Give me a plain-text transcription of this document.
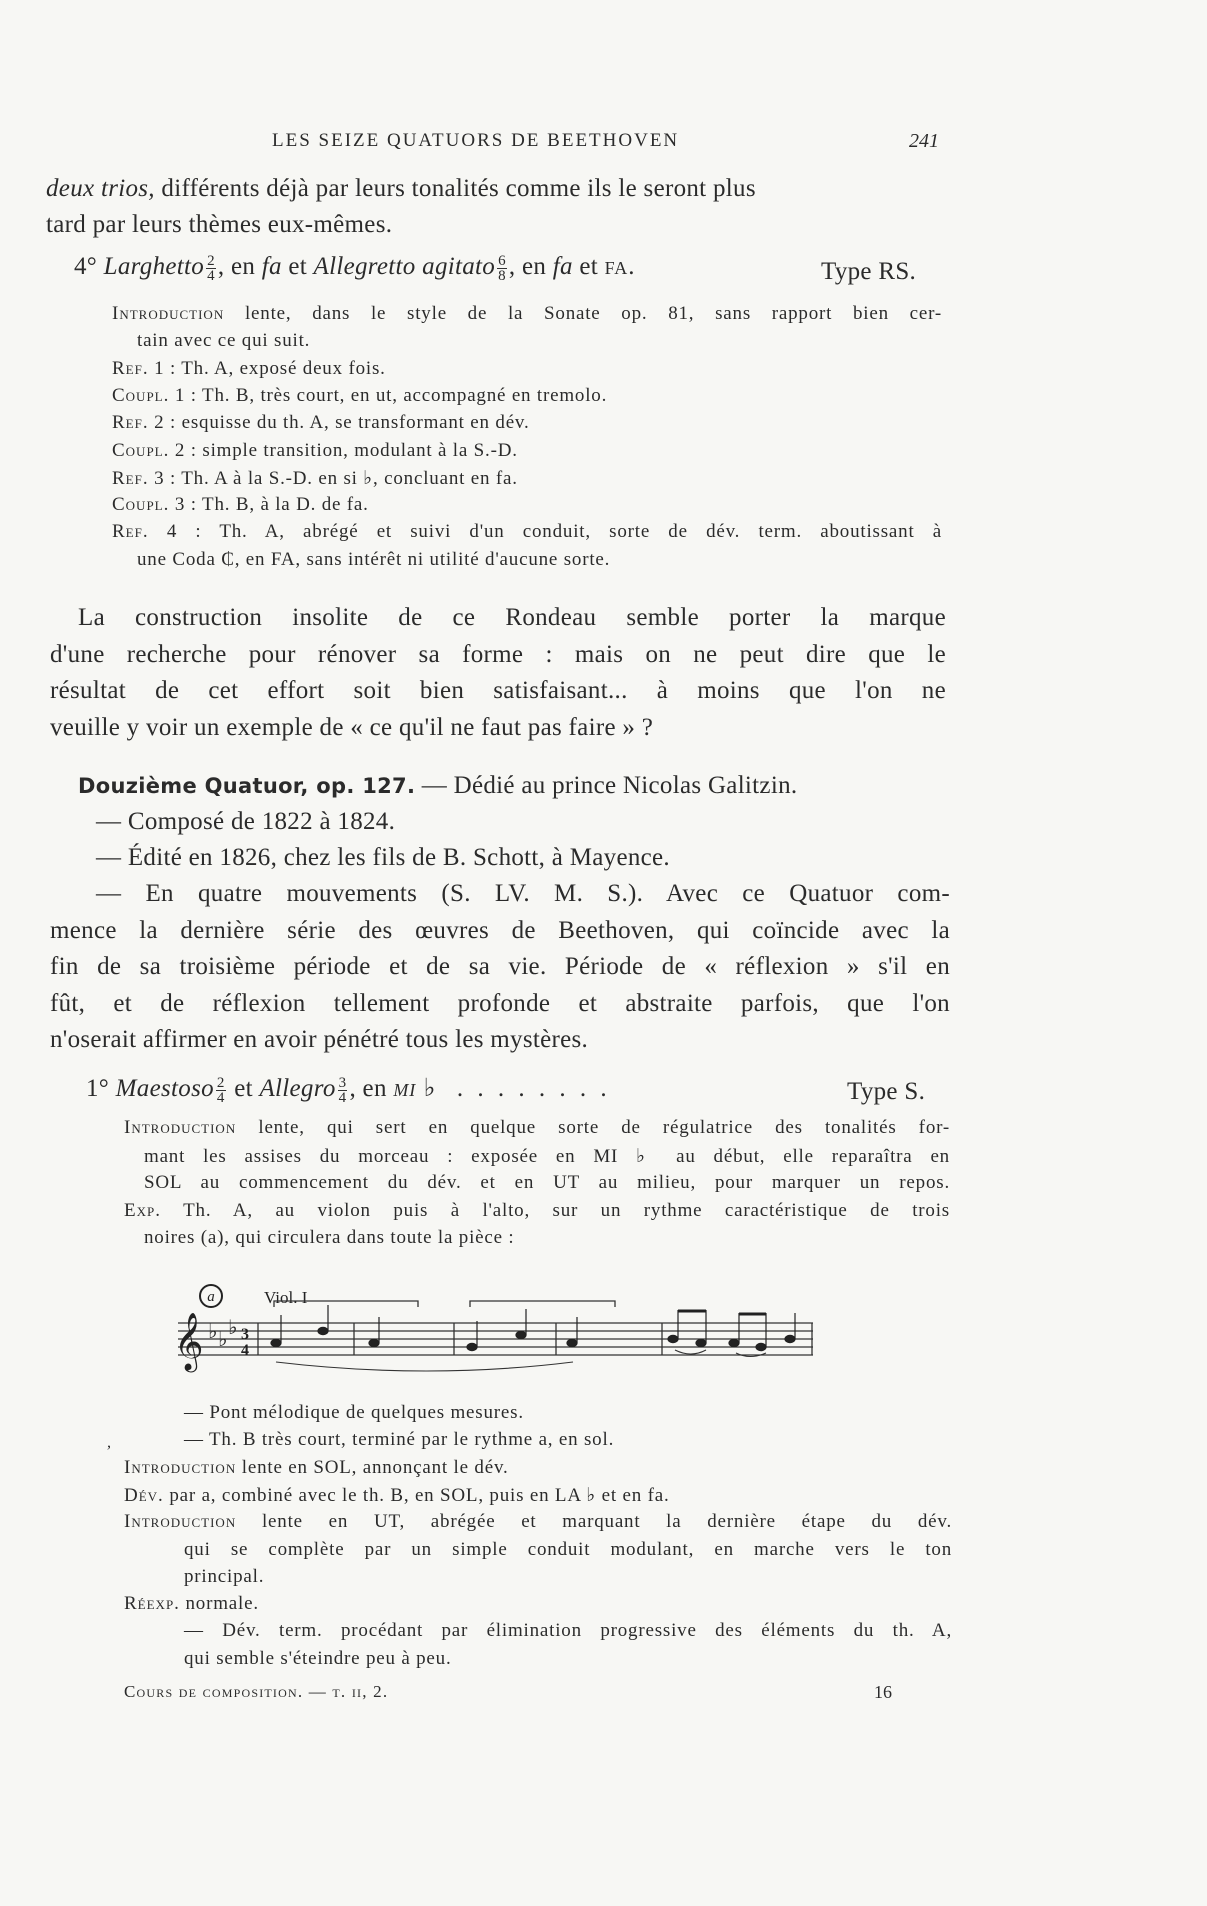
LES SEIZE QUATUORS DE BEETHOVEN	241
deux trios, différents déjà par leurs tonalités comme ils le seront plus
tard par leurs thèmes eux-mêmes.
4° Larghetto $\frac{2}{4}$ , en fa et Allegretto agitato $\frac{6}{8}$ , en fa et fa.	Type RS.
Introduction lente, dans le style de la Sonate op. 81, sans rapport bien cer-
tain avec ce qui suit.
Ref. 1 : Th. A, exposé deux fois.
Coupl. 1 : Th. B, très court, en ut, accompagné en tremolo.
Ref. 2 : esquisse du th. A, se transformant en dév.
Coupl. 2 : simple transition, modulant à la S.-D.
Ref. 3 : Th. A à la S.-D. en si ♭, concluant en fa.
Coupl. 3 : Th. B, à la D. de fa.
Ref. 4 : Th. A, abrégé et suivi d'un conduit, sorte de dév. term. aboutissant à
une Coda ₵, en FA, sans intérêt ni utilité d'aucune sorte.
La construction insolite de ce Rondeau semble porter la marque
d'une recherche pour rénover sa forme : mais on ne peut dire que le
résultat de cet effort soit bien satisfaisant... à moins que l'on ne
veuille y voir un exemple de « ce qu'il ne faut pas faire » ?
Douzième Quatuor, op. 127. — Dédié au prince Nicolas Galitzin.
— Composé de 1822 à 1824.
— Édité en 1826, chez les fils de B. Schott, à Mayence.
— En quatre mouvements (S. LV. M. S.). Avec ce Quatuor com-
mence la dernière série des œuvres de Beethoven, qui coïncide avec la
fin de sa troisième période et de sa vie. Période de « réflexion » s'il en
fût, et de réflexion tellement profonde et abstraite parfois, que l'on
n'oserait affirmer en avoir pénétré tous les mystères.
1° Maestoso $\frac{2}{4}$ et Allegro $\frac{3}{4}$ , en mi ♭ . . . . . . . .	Type S.
Introduction lente, qui sert en quelque sorte de régulatrice des tonalités for-
mant les assises du morceau : exposée en MI ♭ au début, elle reparaîtra en
SOL au commencement du dév. et en UT au milieu, pour marquer un repos.
Exp. Th. A, au violon puis à l'alto, sur un rythme caractéristique de trois
noires (a), qui circulera dans toute la pièce :
a	Viol. I
𝄞 ♭ ♭
♭ 3
4
— Pont mélodique de quelques mesures.
— Th. B très court, terminé par le rythme a, en sol.
Introduction lente en SOL, annonçant le dév.
Dév. par a, combiné avec le th. B, en SOL, puis en LA ♭ et en fa.
Introduction lente en UT, abrégée et marquant la dernière étape du dév.
qui se complète par un simple conduit modulant, en marche vers le ton
principal.
Réexp. normale.
— Dév. term. procédant par élimination progressive des éléments du th. A,
qui semble s'éteindre peu à peu.
,
Cours de composition. — t. ii, 2.	16
